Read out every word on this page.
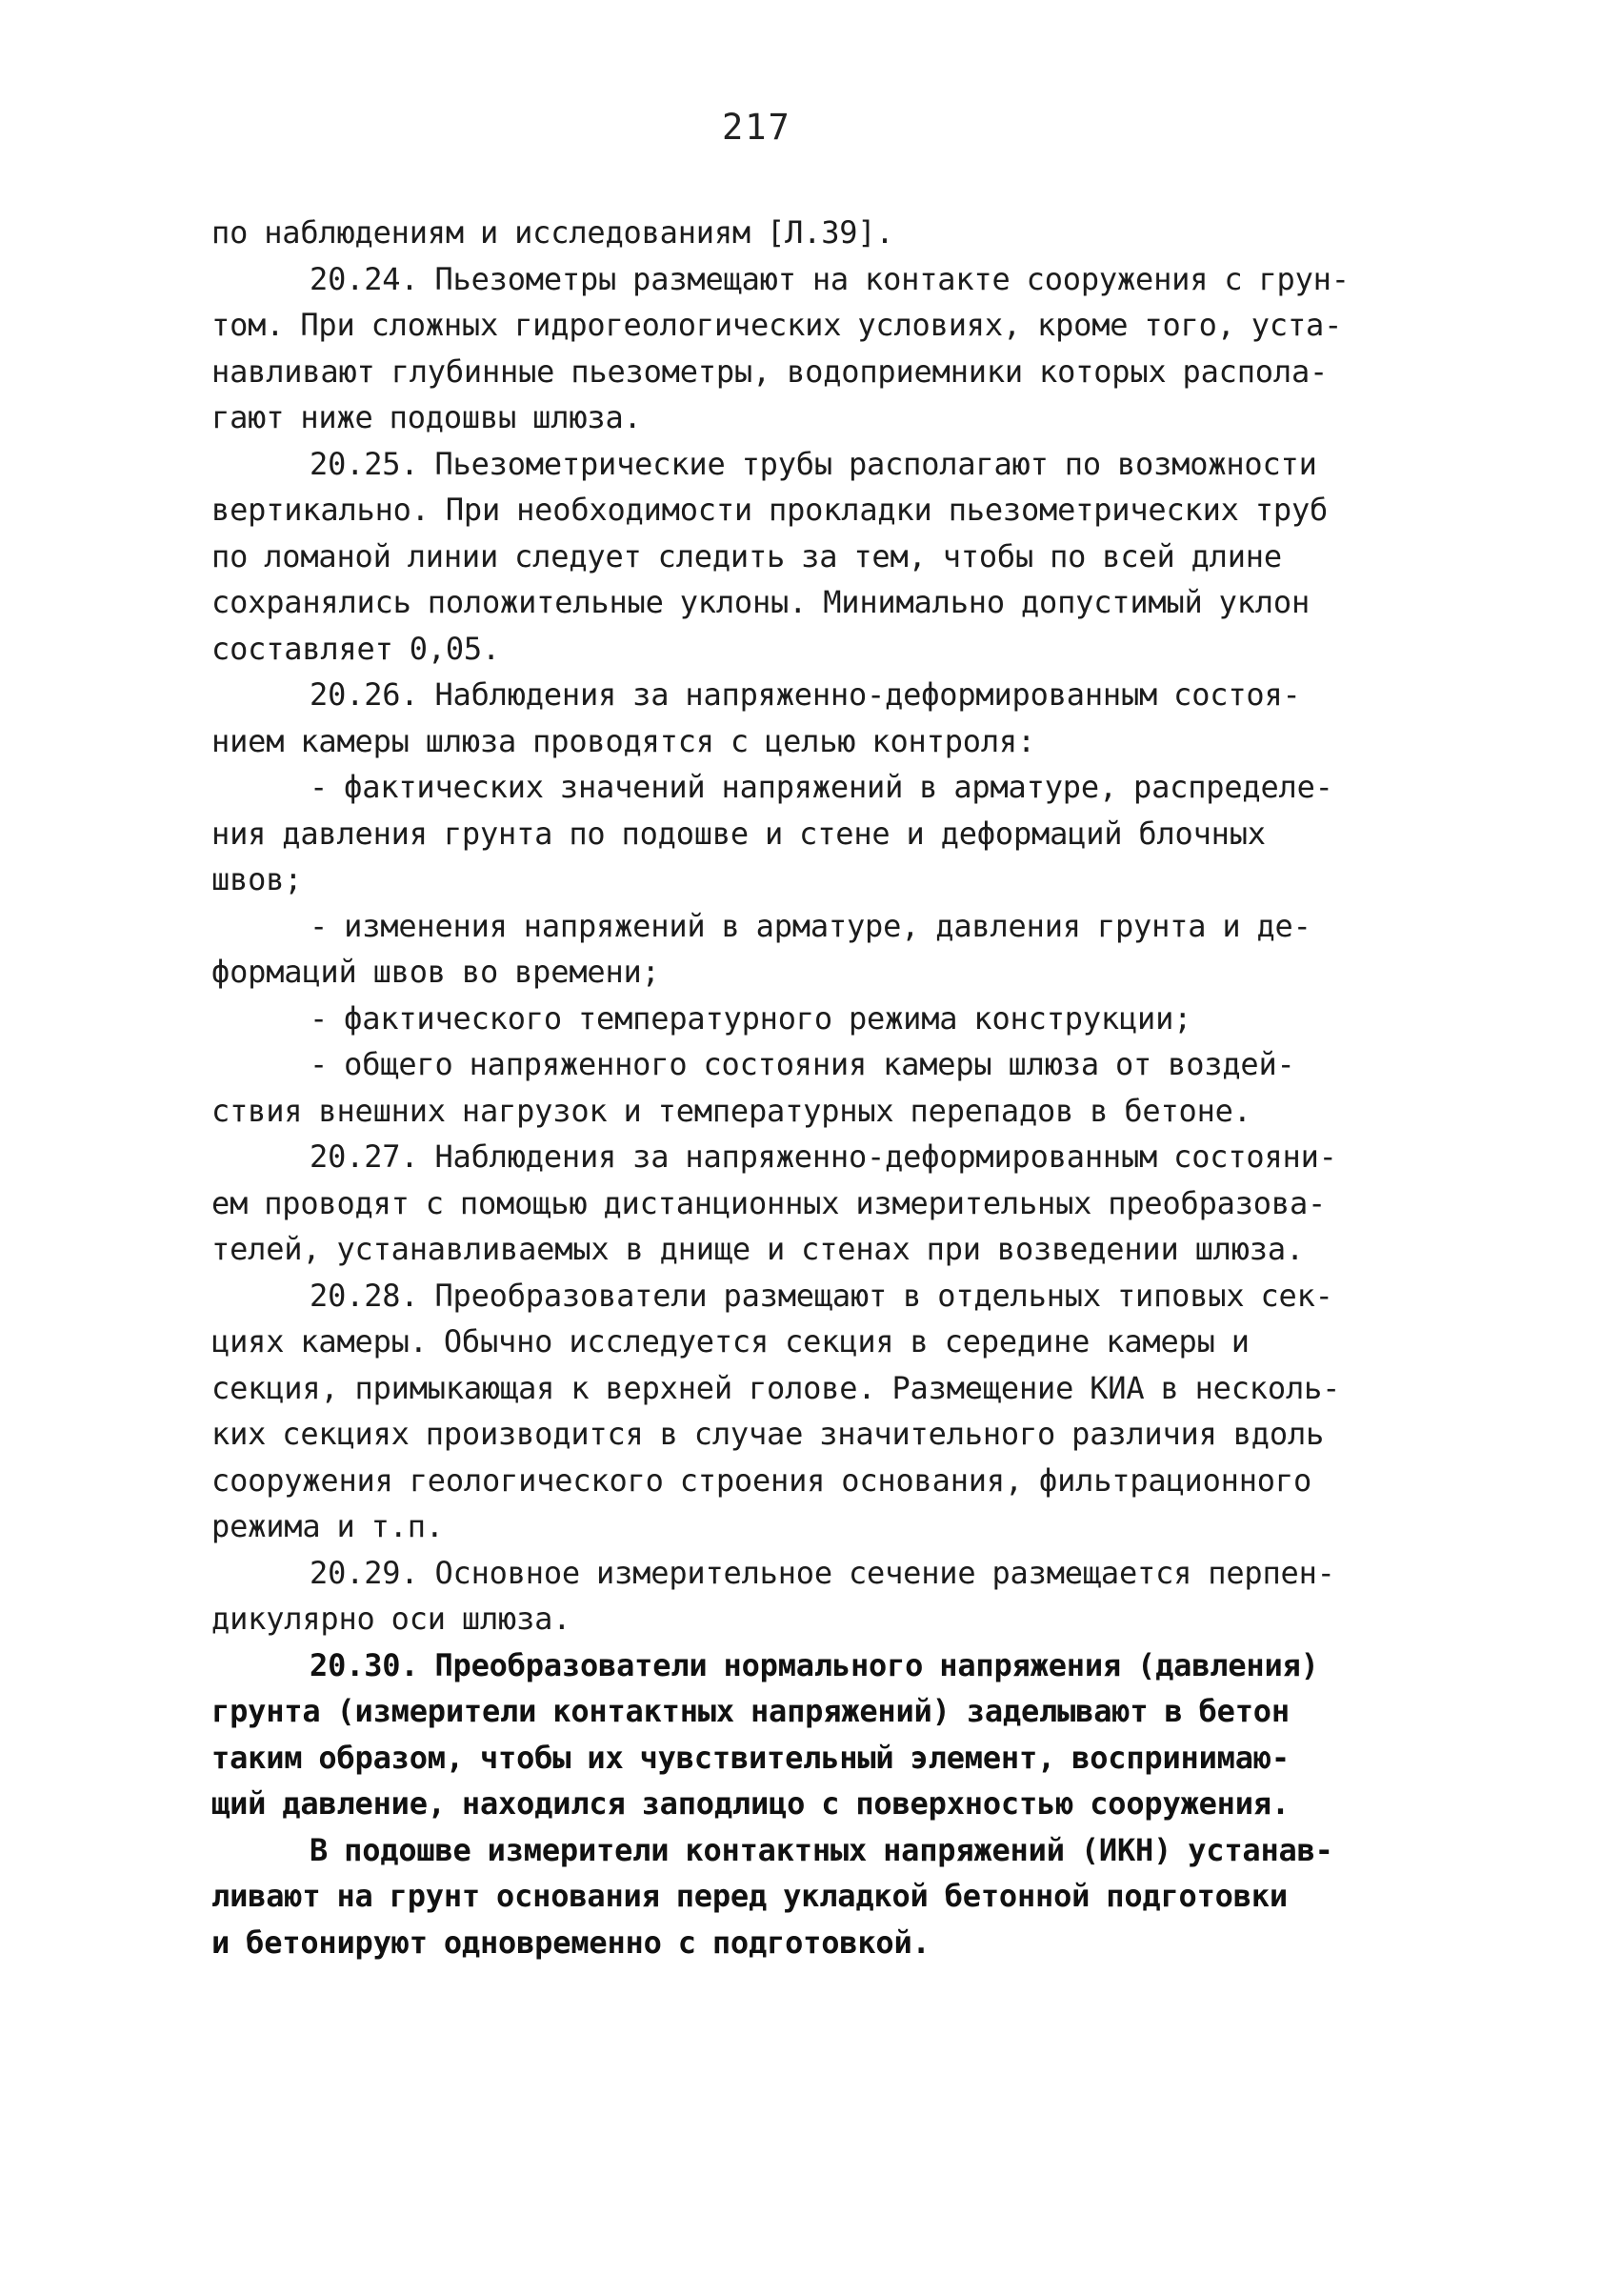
217
по наблюдениям и исследованиям [Л.39].
20.24. Пьезометры размещают на контакте сооружения с грун-
том. При сложных гидрогеологических условиях, кроме того, уста-
навливают глубинные пьезометры, водоприемники которых распола-
гают ниже подошвы шлюза.
20.25. Пьезометрические трубы располагают по возможности
вертикально. При необходимости прокладки пьезометрических труб
по ломаной линии следует следить за тем, чтобы по всей длине
сохранялись положительные уклоны. Минимально допустимый уклон
составляет 0,05.
20.26. Наблюдения за напряженно-деформированным состоя-
нием камеры шлюза проводятся с целью контроля:
- фактических значений напряжений в арматуре, распределе-
ния давления грунта по подошве и стене и деформаций блочных
швов;
- изменения напряжений в арматуре, давления грунта и де-
формаций швов во времени;
- фактического температурного режима конструкции;
- общего напряженного состояния камеры шлюза от воздей-
ствия внешних нагрузок и температурных перепадов в бетоне.
20.27. Наблюдения за напряженно-деформированным состояни-
ем проводят с помощью дистанционных измерительных преобразова-
телей, устанавливаемых в днище и стенах при возведении шлюза.
20.28. Преобразователи размещают в отдельных типовых сек-
циях камеры. Обычно исследуется секция в середине камеры и
секция, примыкающая к верхней голове. Размещение КИА в несколь-
ких секциях производится в случае значительного различия вдоль
сооружения геологического строения основания, фильтрационного
режима и т.п.
20.29. Основное измерительное сечение размещается перпен-
дикулярно оси шлюза.
20.30. Преобразователи нормального напряжения (давления)
грунта (измерители контактных напряжений) заделывают в бетон
таким образом, чтобы их чувствительный элемент, воспринимаю-
щий давление, находился заподлицо с поверхностью сооружения.
В подошве измерители контактных напряжений (ИКН) устанав-
ливают на грунт основания перед укладкой бетонной подготовки
и бетонируют одновременно с подготовкой.
